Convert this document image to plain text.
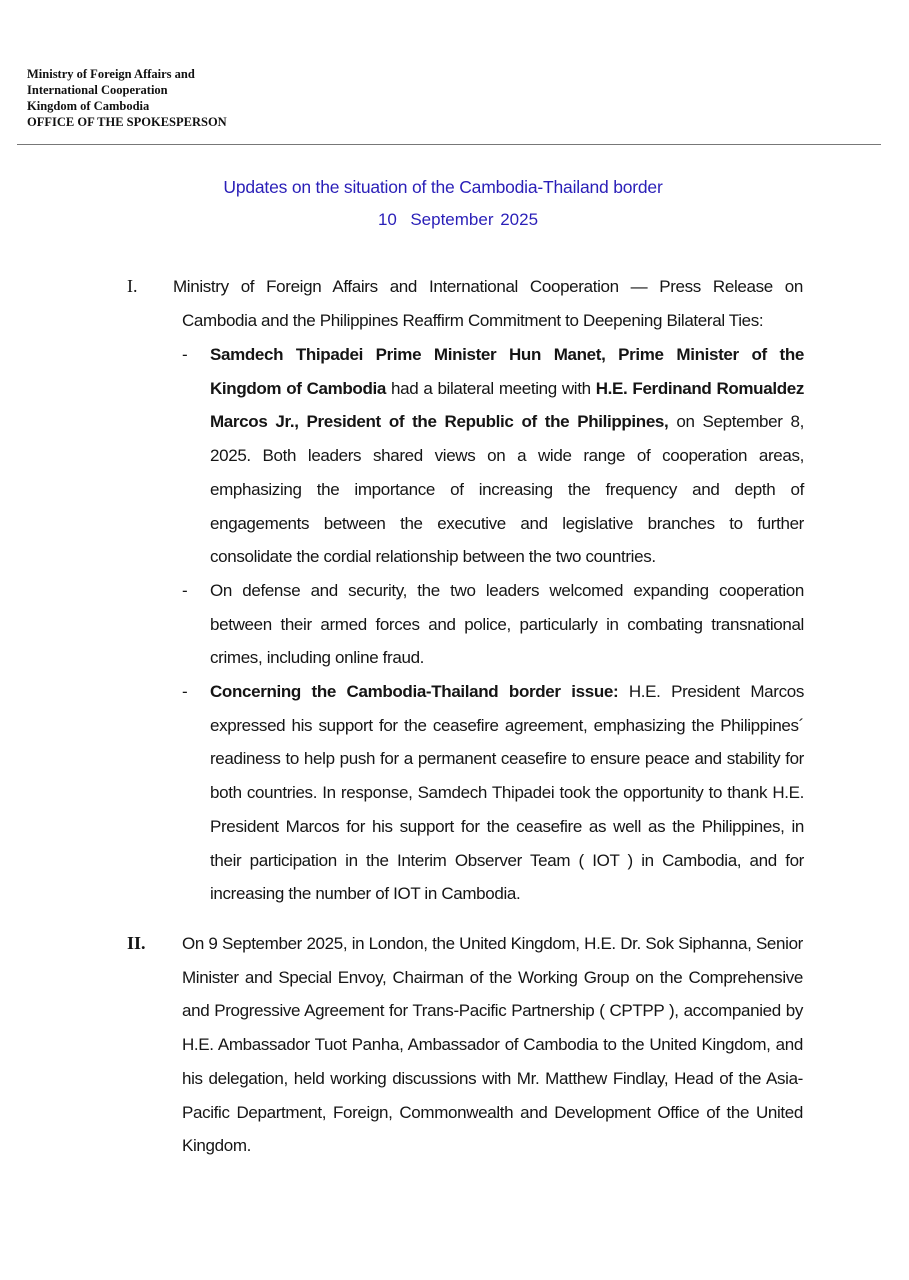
Ministry of Foreign Affairs and
International Cooperation
Kingdom of Cambodia
OFFICE OF THE SPOKESPERSON
Updates on the situation of the Cambodia-Thailand border
10  September 2025
I. Ministry of Foreign Affairs and International Cooperation — Press Release on
Cambodia and the Philippines Reaffirm Commitment to Deepening Bilateral Ties:
-	Samdech Thipadei Prime Minister Hun Manet, Prime Minister of the Kingdom of Cambodia had a bilateral meeting with H.E. Ferdinand Romualdez Marcos Jr., President of the Republic of the Philippines, on September 8, 2025. Both leaders shared views on a wide range of cooperation areas, emphasizing the importance of increasing the frequency and depth of engagements between the executive and legislative branches to further consolidate the cordial relationship between the two countries.
-	On defense and security, the two leaders welcomed expanding cooperation between their armed forces and police, particularly in combating transnational crimes, including online fraud.
-	Concerning the Cambodia-Thailand border issue: H.E. President Marcos expressed his support for the ceasefire agreement, emphasizing the Philippines´ readiness to help push for a permanent ceasefire to ensure peace and stability for both countries. In response, Samdech Thipadei took the opportunity to thank H.E. President Marcos for his support for the ceasefire as well as the Philippines, in their participation in the Interim Observer Team ( IOT ) in Cambodia, and for increasing the number of IOT in Cambodia.
II. On 9 September 2025, in London, the United Kingdom, H.E. Dr. Sok Siphanna, Senior Minister and Special Envoy, Chairman of the Working Group on the Comprehensive and Progressive Agreement for Trans-Pacific Partnership ( CPTPP ), accompanied by H.E. Ambassador Tuot Panha, Ambassador of Cambodia to the United Kingdom, and his delegation, held working discussions with Mr. Matthew Findlay, Head of the Asia-Pacific Department, Foreign, Commonwealth and Development Office of the United Kingdom.
